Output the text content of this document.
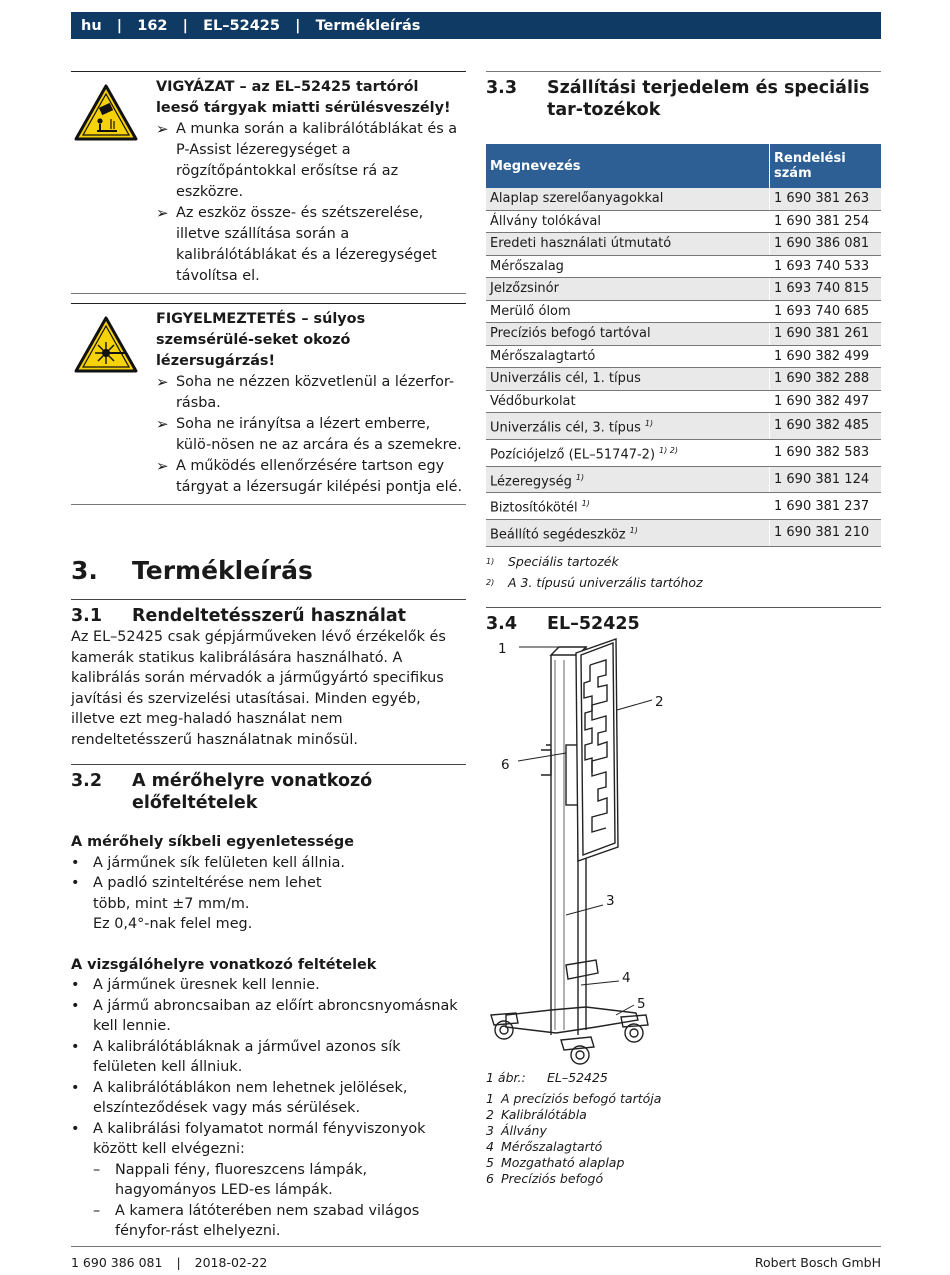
hu | 162 | EL–52425 | Termékleírás
VIGYÁZAT – az EL–52425 tartóról leeső tárgyak miatti sérülésveszély!
➢ A munka során a kalibrálótáblákat és a P-Assist lézeregységet a rögzítőpántokkal erősítse rá az eszközre.
➢ Az eszköz össze- és szétszerelése, illetve szállítása során a kalibrálótáblákat és a lézeregységet távolítsa el.
FIGYELMEZTETÉS – súlyos szemsérülé-seket okozó lézersugárzás!
➢ Soha ne nézzen közvetlenül a lézerfor-rásba.
➢ Soha ne irányítsa a lézert emberre, külö-nösen ne az arcára és a szemekre.
➢ A működés ellenőrzésére tartson egy tárgyat a lézersugár kilépési pontja elé.
3.	Termékleírás
3.1	Rendeltetésszerű használat
Az EL–52425 csak gépjárműveken lévő érzékelők és kamerák statikus kalibrálására használható. A kalibrálás során mérvadók a járműgyártó specifikus javítási és szervizelési utasításai. Minden egyéb, illetve ezt meg-haladó használat nem rendeltetésszerű használatnak minősül.
3.2	A mérőhelyre vonatkozó előfeltételek
A mérőhely síkbeli egyenletessége
• A járműnek sík felületen kell állnia.
• A padló szinteltérése nem lehet több, mint ±7 mm/m.
Ez 0,4°-nak felel meg.
A vizsgálóhelyre vonatkozó feltételek
• A járműnek üresnek kell lennie.
• A jármű abroncsaiban az előírt abroncsnyomásnak kell lennie.
• A kalibrálótábláknak a járművel azonos sík felületen kell állniuk.
• A kalibrálótáblákon nem lehetnek jelölések, elszínteződések vagy más sérülések.
• A kalibrálási folyamatot normál fényviszonyok között kell elvégezni:
–	Nappali fény, fluoreszcens lámpák, hagyományos LED-es lámpák.
–	A kamera látóterében nem szabad világos fényfor-rást elhelyezni.
3.3	Szállítási terjedelem és speciális tar-tozékok
Megnevezés	Rendelési szám
Alaplap szerelőanyagokkal	1 690 381 263
Állvány tolókával	1 690 381 254
Eredeti használati útmutató	1 690 386 081
Mérőszalag	1 693 740 533
Jelzőzsinór	1 693 740 815
Merülő ólom	1 693 740 685
Precíziós befogó tartóval	1 690 381 261
Mérőszalagtartó	1 690 382 499
Univerzális cél, 1. típus	1 690 382 288
Védőburkolat	1 690 382 497
Univerzális cél, 3. típus $^{1)}$	1 690 382 485
Pozíciójelző (EL–51747-2) $^{1) 2)}$	1 690 382 583
Lézeregység $^{1)}$	1 690 381 124
Biztosítókötél $^{1)}$	1 690 381 237
Beállító segédeszköz $^{1)}$	1 690 381 210
1)	Speciális tartozék
2)	A 3. típusú univerzális tartóhoz
3.4	EL–52425
1
2
6
3
4
5
1 ábr.:	EL–52425
1 A precíziós befogó tartója
2 Kalibrálótábla
3 Állvány
4 Mérőszalagtartó
5 Mozgatható alaplap
6 Precíziós befogó
1 690 386 081 | 2018-02-22	Robert Bosch GmbH
